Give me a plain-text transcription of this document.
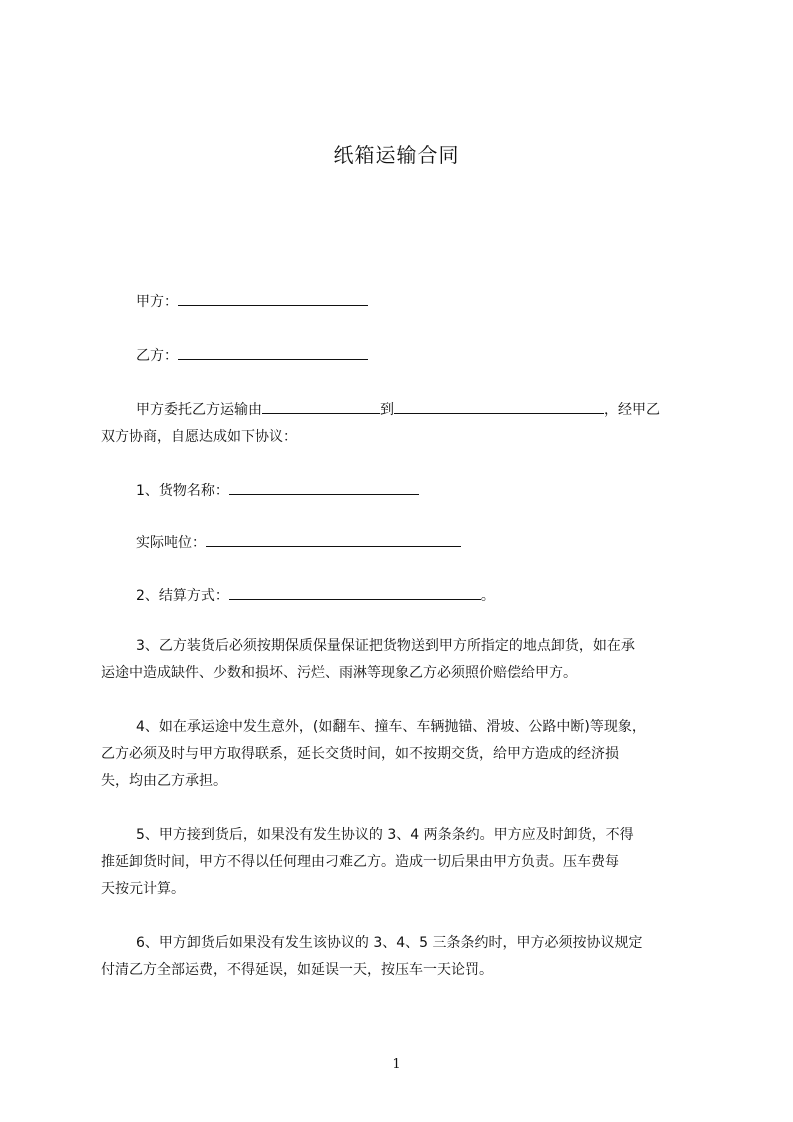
纸箱运输合同
甲方：
乙方：
甲方委托乙方运输由	到	，经甲乙
双方协商，自愿达成如下协议：
1、货物名称：
实际吨位：
2、结算方式：	。
3、乙方装货后必须按期保质保量保证把货物送到甲方所指定的地点卸货，如在承
运途中造成缺件、少数和损坏、污烂、雨淋等现象乙方必须照价赔偿给甲方。
4、如在承运途中发生意外，(如翻车、撞车、车辆抛锚、滑坡、公路中断)等现象，
乙方必须及时与甲方取得联系，延长交货时间，如不按期交货，给甲方造成的经济损
失，均由乙方承担。
5、甲方接到货后，如果没有发生协议的 3、4 两条条约。甲方应及时卸货，不得
推延卸货时间，甲方不得以任何理由刁难乙方。造成一切后果由甲方负责。压车费每
天按元计算。
6、甲方卸货后如果没有发生该协议的 3、4、5 三条条约时，甲方必须按协议规定
付清乙方全部运费，不得延误，如延误一天，按压车一天论罚。
1
